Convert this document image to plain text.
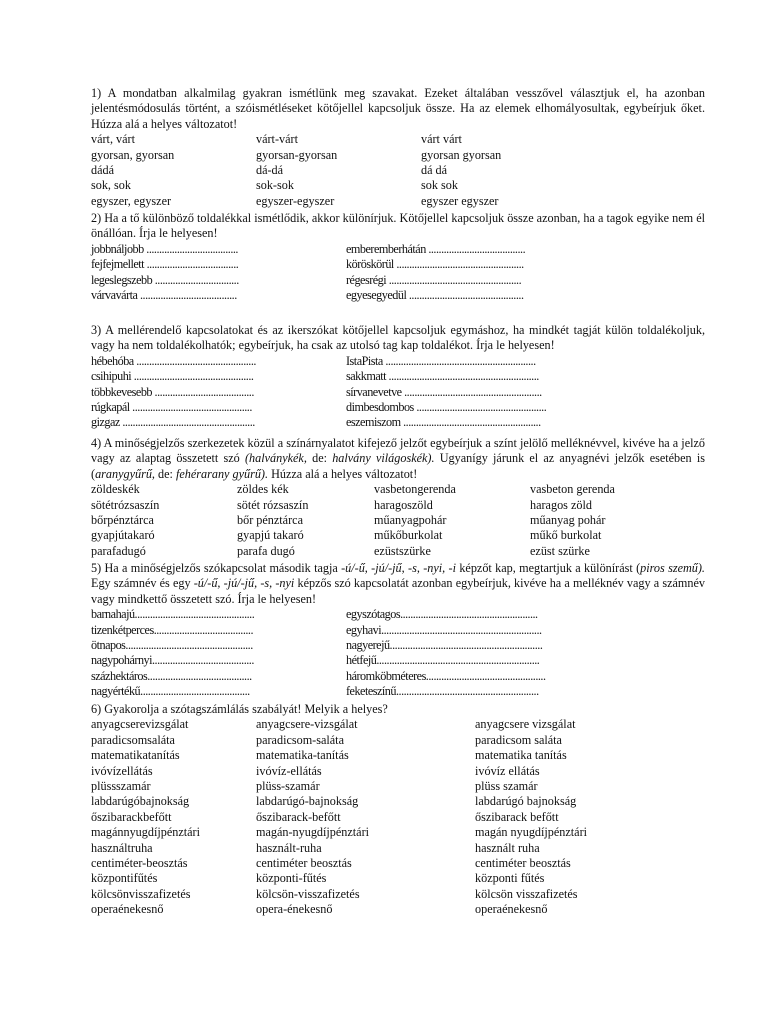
1) A mondatban alkalmilag gyakran ismétlünk meg szavakat. Ezeket általában vesszővel választjuk el, ha azonban jelentésmódosulás történt, a szóismétléseket kötőjellel kapcsoljuk össze. Ha az elemek elhomályosultak, egybeírjuk őket. Húzza alá a helyes változatot!

várt, várt	várt-várt	várt várt
gyorsan, gyorsan	gyorsan-gyorsan	gyorsan gyorsan
dádá	dá-dá	dá dá
sok, sok	sok-sok	sok sok
egyszer, egyszer	egyszer-egyszer	egyszer egyszer

2) Ha a tő különböző toldalékkal ismétlődik, akkor különírjuk. Kötőjellel kapcsoljuk össze azonban, ha a tagok egyike nem él önállóan. Írja le helyesen!

jobbnáljobb ....................................	emberemberhátán ......................................
fejfejmellett ....................................	köröskörül ..................................................
legeslegszebb .................................	régesrégi ....................................................
várvavárta ......................................	egyesegyedül .............................................

3) A mellérendelő kapcsolatokat és az ikerszókat kötőjellel kapcsoljuk egymáshoz, ha mindkét tagját külön toldalékoljuk, vagy ha nem toldalékolhatók; egybeírjuk, ha csak az utolsó tag kap toldalékot. Írja le helyesen!

hébehóba ...............................................	IstaPista ...........................................................
csihipuhi ...............................................	sakkmatt ...........................................................
többkevesebb .......................................	sírvanevetve ......................................................
rúgkapál ...............................................	dimbesdombos ...................................................
gizgaz ....................................................	eszemiszom ......................................................

4) A minőségjelzős szerkezetek közül a színárnyalatot kifejező jelzőt egybeírjuk a színt jelölő melléknévvel, kivéve ha a jelző vagy az alaptag összetett szó (halványkék, de: halvány világoskék). Ugyanígy járunk el az anyagnévi jelzők esetében is (aranygyűrű, de: fehérarany gyűrű). Húzza alá a helyes változatot!

zöldeskék	zöldes kék	vasbetongerenda	vasbeton gerenda
sötétrózsaszín	sötét rózsaszín	haragoszöld	haragos zöld
bőrpénztárca	bőr pénztárca	műanyagpohár	műanyag pohár
gyapjútakaró	gyapjú takaró	műkőburkolat	műkő burkolat
parafadugó	parafa dugó	ezüstszürke	ezüst szürke

5) Ha a minőségjelzős szókapcsolat második tagja -ú/-ű, -jú/-jű, -s, -nyi, -i képzőt kap, megtartjuk a különírást (piros szemű). Egy számnév és egy -ú/-ű, -jú/-jű, -s, -nyi képzős szó kapcsolatát azonban egybeírjuk, kivéve ha a melléknév vagy a számnév vagy mindkettő összetett szó. Írja le helyesen!

barnahajú...............................................	egyszótagos......................................................
tizenkétperces.......................................	egyhavi...............................................................
ötnapos..................................................	nagyerejű............................................................
nagypohárnyi........................................	hétfejű................................................................
százhektáros.........................................	háromköbméteres...............................................
nagyértékű...........................................	feketeszínű........................................................

6) Gyakorolja a szótagszámlálás szabályát! Melyik a helyes?

anyagcserevizsgálat	anyagcsere-vizsgálat	anyagcsere vizsgálat
paradicsomsaláta	paradicsom-saláta	paradicsom saláta
matematikatanítás	matematika-tanítás	matematika tanítás
ivóvízellátás	ivóvíz-ellátás	ivóvíz ellátás
plüssszamár	plüss-szamár	plüss szamár
labdarúgóbajnokság	labdarúgó-bajnokság	labdarúgó bajnokság
őszibarackbefőtt	őszibarack-befőtt	őszibarack befőtt
magánnyugdíjpénztári	magán-nyugdíjpénztári	magán nyugdíjpénztári
használtruha	használt-ruha	használt ruha
centiméter-beosztás	centiméter beosztás	centiméter beosztás
központifűtés	központi-fűtés	központi fűtés
kölcsönvisszafizetés	kölcsön-visszafizetés	kölcsön visszafizetés
operaénekesnő	opera-énekesnő	operaénekesnő
